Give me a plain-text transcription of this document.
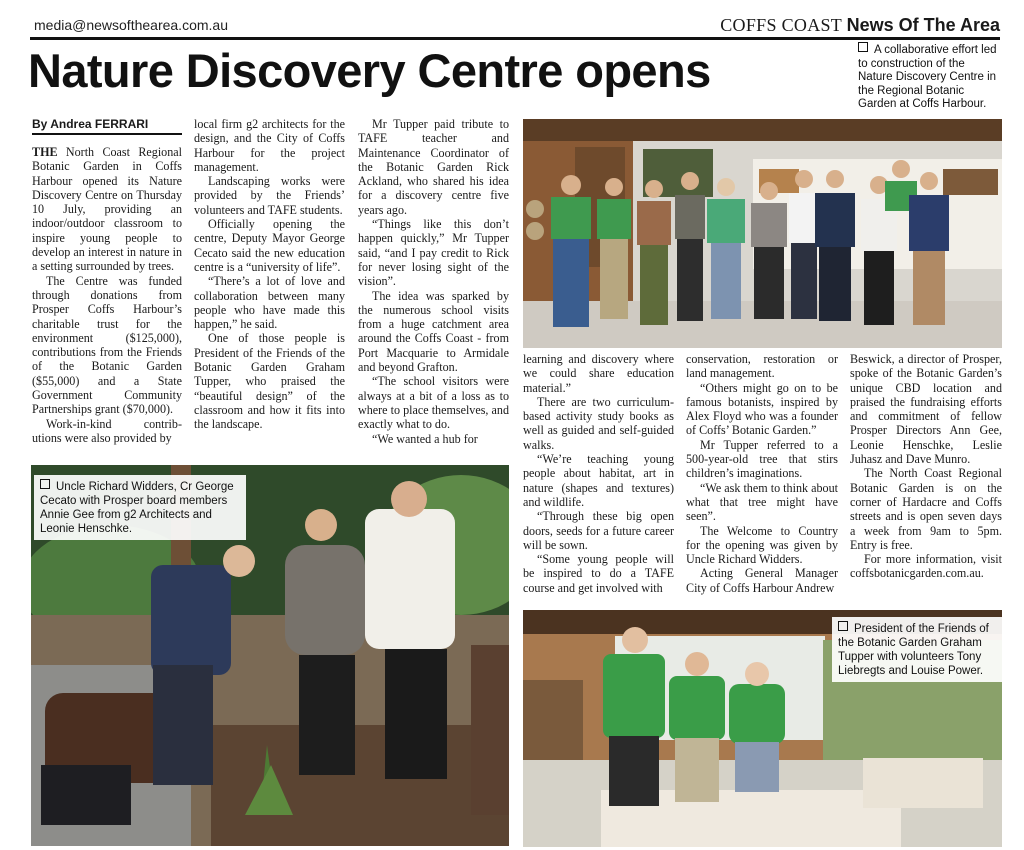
media@newsofthearea.com.au	COFFS COAST News Of The Area
Nature Discovery Centre opens	A collaborative effort led to construction of the Nature Discovery Centre in the Regional Botanic Garden at Coffs Harbour.
By Andrea FERRARI

THE North Coast Regional Botanic Garden in Coffs Harbour opened its Nature Discovery Centre on Thursday 10 July, providing an indoor/outdoor classroom to inspire young people to develop an interest in nature in a setting surrounded by trees.

The Centre was funded through donations from Prosper Coffs Harbour’s charitable trust for the environment ($125,000), contributions from the Friends of the Botanic Garden ($55,000) and a State Government Community Partnerships grant ($70,000).

Work-in-kind contrib-utions were also provided by

local firm g2 architects for the design, and the City of Coffs Harbour for the project management.

Landscaping works were provided by the Friends’ volunteers and TAFE students.

Officially opening the centre, Deputy Mayor George Cecato said the new education centre is a “university of life”.

“There’s a lot of love and collaboration between many people who have made this happen,” he said.

One of those people is President of the Friends of the Botanic Garden Graham Tupper, who praised the “beautiful design” of the classroom and how it fits into the landscape.

Mr Tupper paid tribute to TAFE teacher and Maintenance Coordinator of the Botanic Garden Rick Ackland, who shared his idea for a discovery centre five years ago.

“Things like this don’t happen quickly,” Mr Tupper said, “and I pay credit to Rick for never losing sight of the vision”.

The idea was sparked by the numerous school visits from a huge catchment area around the Coffs Coast - from Port Macquarie to Armidale and beyond Grafton.

“The school visitors were always at a bit of a loss as to where to place themselves, and exactly what to do.

“We wanted a hub for

learning and discovery where we could share education material.”

There are two curriculum-based activity study books as well as guided and self-guided walks.

“We’re teaching young people about habitat, art in nature (shapes and textures) and wildlife.

“Through these big open doors, seeds for a future career will be sown.

“Some young people will be inspired to do a TAFE course and get involved with

conservation, restoration or land management.

“Others might go on to be famous botanists, inspired by Alex Floyd who was a founder of Coffs’ Botanic Garden.”

Mr Tupper referred to a 500-year-old tree that stirs children’s imaginations.

“We ask them to think about what that tree might have seen”.

The Welcome to Country for the opening was given by Uncle Richard Widders.

Acting General Manager City of Coffs Harbour Andrew

Beswick, a director of Prosper, spoke of the Botanic Garden’s unique CBD location and praised the fundraising efforts and commitment of fellow Prosper Directors Ann Gee, Leonie Henschke, Leslie Juhasz and Dave Munro.

The North Coast Regional Botanic Garden is on the corner of Hardacre and Coffs streets and is open seven days a week from 9am to 5pm. Entry is free.

For more information, visit coffsbotanicgarden.com.au.

Uncle Richard Widders, Cr George Cecato with Prosper board members Annie Gee from g2 Architects and Leonie Henschke.
President of the Friends of the Botanic Garden Graham Tupper with volunteers Tony Liebregts and Louise Power.
